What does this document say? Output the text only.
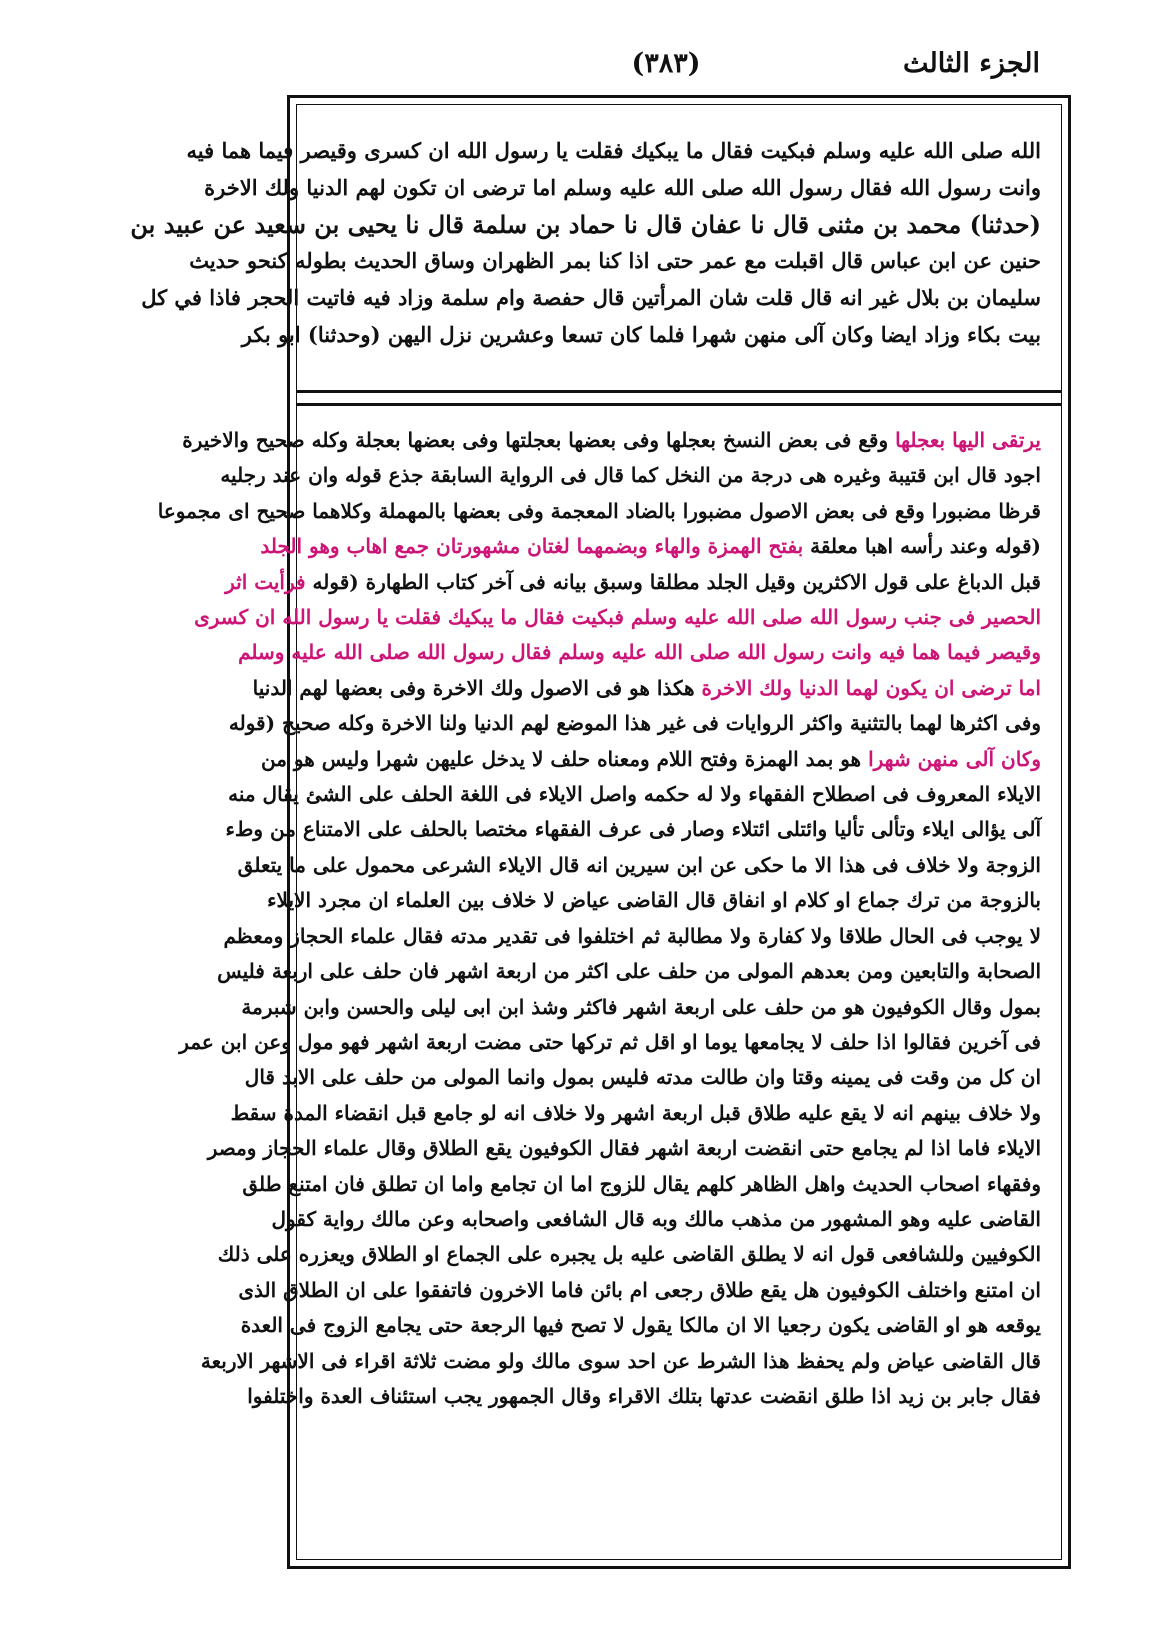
(٣٨٣)	الجزء الثالث
الله صلى الله عليه وسلم فبكيت فقال ما يبكيك فقلت يا رسول الله ان كسرى وقيصر فيما هما فيه
وانت رسول الله فقال رسول الله صلى الله عليه وسلم اما ترضى ان تكون لهم الدنيا ولك الاخرة
(حدثنا) محمد بن مثنى قال نا عفان قال نا حماد بن سلمة قال نا يحيى بن سعيد عن عبيد بن
حنين عن ابن عباس قال اقبلت مع عمر حتى اذا كنا بمر الظهران وساق الحديث بطوله كنحو حديث
سليمان بن بلال غير انه قال قلت شان المرأتين قال حفصة وام سلمة وزاد فيه فاتيت الحجر فاذا في كل
بيت بكاء وزاد ايضا وكان آلى منهن شهرا فلما كان تسعا وعشرين نزل اليهن (وحدثنا) ابو بكر
يرتقى اليها بعجلها وقع فى بعض النسخ بعجلها وفى بعضها بعجلتها وفى بعضها بعجلة وكله صحيح والاخيرة
اجود قال ابن قتيبة وغيره هى درجة من النخل كما قال فى الرواية السابقة جذع قوله وان عند رجليه
قرظا مضبورا وقع فى بعض الاصول مضبورا بالضاد المعجمة وفى بعضها بالمهملة وكلاهما صحيح اى مجموعا
(قوله وعند رأسه اهبا معلقة بفتح الهمزة والهاء وبضمهما لغتان مشهورتان جمع اهاب وهو الجلد
قبل الدباغ على قول الاكثرين وقيل الجلد مطلقا وسبق بيانه فى آخر كتاب الطهارة (قوله فرأيت اثر
الحصير فى جنب رسول الله صلى الله عليه وسلم فبكيت فقال ما يبكيك فقلت يا رسول الله ان كسرى
وقيصر فيما هما فيه وانت رسول الله صلى الله عليه وسلم فقال رسول الله صلى الله عليه وسلم
اما ترضى ان يكون لهما الدنيا ولك الاخرة هكذا هو فى الاصول ولك الاخرة وفى بعضها لهم الدنيا
وفى اكثرها لهما بالتثنية واكثر الروايات فى غير هذا الموضع لهم الدنيا ولنا الاخرة وكله صحيح (قوله
وكان آلى منهن شهرا هو بمد الهمزة وفتح اللام ومعناه حلف لا يدخل عليهن شهرا وليس هو من
الايلاء المعروف فى اصطلاح الفقهاء ولا له حكمه واصل الايلاء فى اللغة الحلف على الشئ يقال منه
آلى يؤالى ايلاء وتألى تأليا وائتلى ائتلاء وصار فى عرف الفقهاء مختصا بالحلف على الامتناع من وطء
الزوجة ولا خلاف فى هذا الا ما حكى عن ابن سيرين انه قال الايلاء الشرعى محمول على ما يتعلق
بالزوجة من ترك جماع او كلام او انفاق قال القاضى عياض لا خلاف بين العلماء ان مجرد الايلاء
لا يوجب فى الحال طلاقا ولا كفارة ولا مطالبة ثم اختلفوا فى تقدير مدته فقال علماء الحجاز ومعظم
الصحابة والتابعين ومن بعدهم المولى من حلف على اكثر من اربعة اشهر فان حلف على اربعة فليس
بمول وقال الكوفيون هو من حلف على اربعة اشهر فاكثر وشذ ابن ابى ليلى والحسن وابن شبرمة
فى آخرين فقالوا اذا حلف لا يجامعها يوما او اقل ثم تركها حتى مضت اربعة اشهر فهو مول وعن ابن عمر
ان كل من وقت فى يمينه وقتا وان طالت مدته فليس بمول وانما المولى من حلف على الابد قال
ولا خلاف بينهم انه لا يقع عليه طلاق قبل اربعة اشهر ولا خلاف انه لو جامع قبل انقضاء المدة سقط
الايلاء فاما اذا لم يجامع حتى انقضت اربعة اشهر فقال الكوفيون يقع الطلاق وقال علماء الحجاز ومصر
وفقهاء اصحاب الحديث واهل الظاهر كلهم يقال للزوج اما ان تجامع واما ان تطلق فان امتنع طلق
القاضى عليه وهو المشهور من مذهب مالك وبه قال الشافعى واصحابه وعن مالك رواية كقول
الكوفيين وللشافعى قول انه لا يطلق القاضى عليه بل يجبره على الجماع او الطلاق ويعزره على ذلك
ان امتنع واختلف الكوفيون هل يقع طلاق رجعى ام بائن فاما الاخرون فاتفقوا على ان الطلاق الذى
يوقعه هو او القاضى يكون رجعيا الا ان مالكا يقول لا تصح فيها الرجعة حتى يجامع الزوج فى العدة
قال القاضى عياض ولم يحفظ هذا الشرط عن احد سوى مالك ولو مضت ثلاثة اقراء فى الاشهر الاربعة
فقال جابر بن زيد اذا طلق انقضت عدتها بتلك الاقراء وقال الجمهور يجب استئناف العدة واختلفوا
